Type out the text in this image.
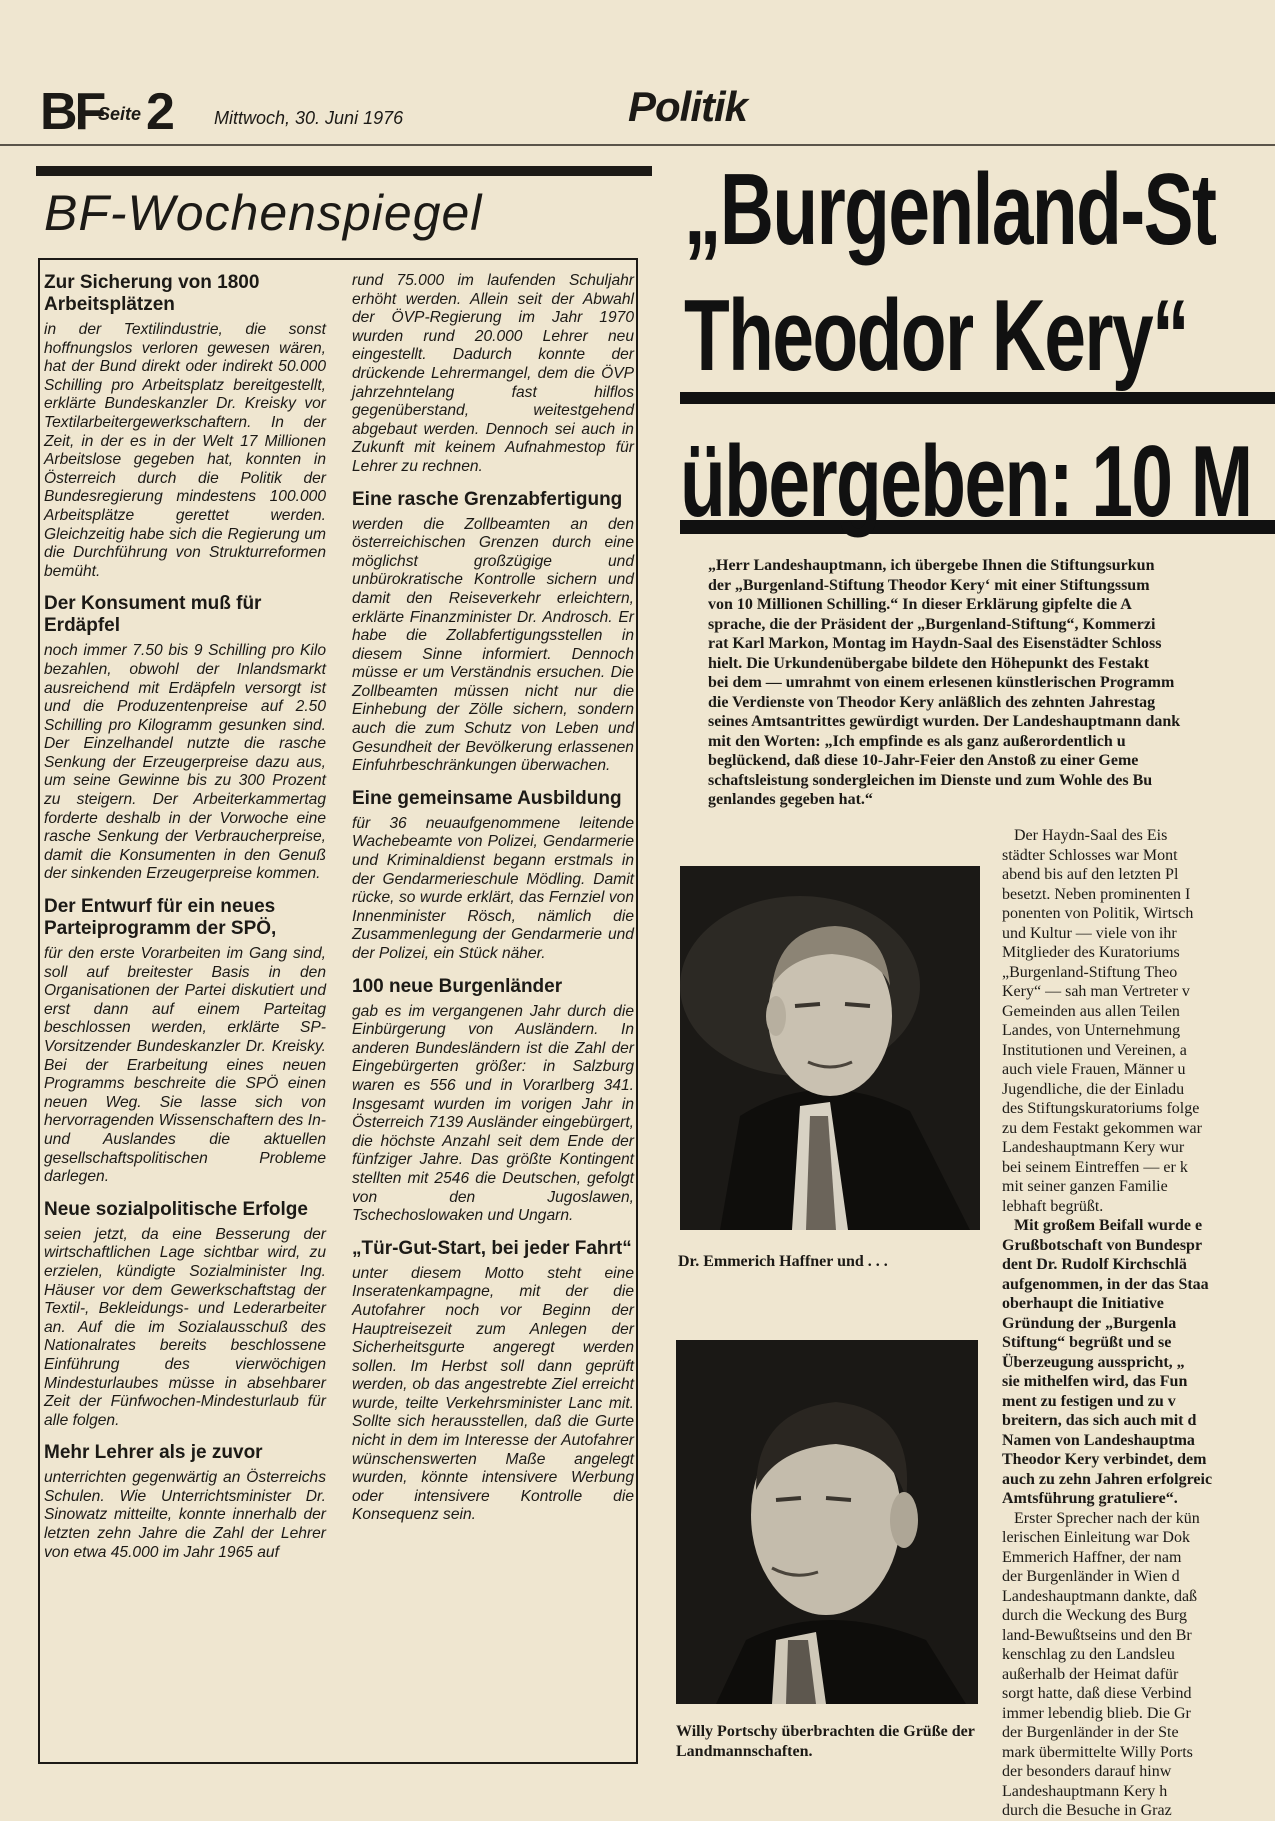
BF
Seite 2 Mittwoch, 30. Juni 1976	Politik
BF-Wochenspiegel
Zur Sicherung von 1800 Arbeitsplätzen

in der Textilindustrie, die sonst hoffnungslos verloren gewesen wären, hat der Bund direkt oder indirekt 50.000 Schilling pro Arbeitsplatz bereitgestellt, erklärte Bundeskanzler Dr. Kreisky vor Textilarbeitergewerkschaftern. In der Zeit, in der es in der Welt 17 Millionen Arbeitslose gegeben hat, konnten in Österreich durch die Politik der Bundesregierung mindestens 100.000 Arbeitsplätze gerettet werden. Gleichzeitig habe sich die Regierung um die Durchführung von Strukturreformen bemüht.

Der Konsument muß für Erdäpfel

noch immer 7.50 bis 9 Schilling pro Kilo bezahlen, obwohl der Inlandsmarkt ausreichend mit Erdäpfeln versorgt ist und die Produzentenpreise auf 2.50 Schilling pro Kilogramm gesunken sind. Der Einzelhandel nutzte die rasche Senkung der Erzeugerpreise dazu aus, um seine Gewinne bis zu 300 Prozent zu steigern. Der Arbeiterkammertag forderte deshalb in der Vorwoche eine rasche Senkung der Verbraucherpreise, damit die Konsumenten in den Genuß der sinkenden Erzeugerpreise kommen.

Der Entwurf für ein neues Parteiprogramm der SPÖ,

für den erste Vorarbeiten im Gang sind, soll auf breitester Basis in den Organisationen der Partei diskutiert und erst dann auf einem Parteitag beschlossen werden, erklärte SP-Vorsitzender Bundeskanzler Dr. Kreisky. Bei der Erarbeitung eines neuen Programms beschreite die SPÖ einen neuen Weg. Sie lasse sich von hervorragenden Wissenschaftern des In- und Auslandes die aktuellen gesellschaftspolitischen Probleme darlegen.

Neue sozialpolitische Erfolge

seien jetzt, da eine Besserung der wirtschaftlichen Lage sichtbar wird, zu erzielen, kündigte Sozialminister Ing. Häuser vor dem Gewerkschaftstag der Textil-, Bekleidungs- und Lederarbeiter an. Auf die im Sozialausschuß des Nationalrates bereits beschlossene Einführung des vierwöchigen Mindesturlaubes müsse in absehbarer Zeit der Fünfwochen-Mindesturlaub für alle folgen.

Mehr Lehrer als je zuvor

unterrichten gegenwärtig an Österreichs Schulen. Wie Unterrichtsminister Dr. Sinowatz mitteilte, konnte innerhalb der letzten zehn Jahre die Zahl der Lehrer von etwa 45.000 im Jahr 1965 auf

rund 75.000 im laufenden Schuljahr erhöht werden. Allein seit der Abwahl der ÖVP-Regierung im Jahr 1970 wurden rund 20.000 Lehrer neu eingestellt. Dadurch konnte der drückende Lehrermangel, dem die ÖVP jahrzehntelang fast hilflos gegenüberstand, weitestgehend abgebaut werden. Dennoch sei auch in Zukunft mit keinem Aufnahmestop für Lehrer zu rechnen.

Eine rasche Grenzabfertigung

werden die Zollbeamten an den österreichischen Grenzen durch eine möglichst großzügige und unbürokratische Kontrolle sichern und damit den Reiseverkehr erleichtern, erklärte Finanzminister Dr. Androsch. Er habe die Zollabfertigungsstellen in diesem Sinne informiert. Dennoch müsse er um Verständnis ersuchen. Die Zollbeamten müssen nicht nur die Einhebung der Zölle sichern, sondern auch die zum Schutz von Leben und Gesundheit der Bevölkerung erlassenen Einfuhrbeschränkungen überwachen.

Eine gemeinsame Ausbildung

für 36 neuaufgenommene leitende Wachebeamte von Polizei, Gendarmerie und Kriminaldienst begann erstmals in der Gendarmerieschule Mödling. Damit rücke, so wurde erklärt, das Fernziel von Innenminister Rösch, nämlich die Zusammenlegung der Gendarmerie und der Polizei, ein Stück näher.

100 neue Burgenländer

gab es im vergangenen Jahr durch die Einbürgerung von Ausländern. In anderen Bundesländern ist die Zahl der Eingebürgerten größer: in Salzburg waren es 556 und in Vorarlberg 341. Insgesamt wurden im vorigen Jahr in Österreich 7139 Ausländer eingebürgert, die höchste Anzahl seit dem Ende der fünfziger Jahre. Das größte Kontingent stellten mit 2546 die Deutschen, gefolgt von den Jugoslawen, Tschechoslowaken und Ungarn.

„Tür-Gut-Start, bei jeder Fahrt“

unter diesem Motto steht eine Inseratenkampagne, mit der die Autofahrer noch vor Beginn der Hauptreisezeit zum Anlegen der Sicherheitsgurte angeregt werden sollen. Im Herbst soll dann geprüft werden, ob das angestrebte Ziel erreicht wurde, teilte Verkehrsminister Lanc mit. Sollte sich herausstellen, daß die Gurte nicht in dem im Interesse der Autofahrer wünschenswerten Maße angelegt wurden, könnte intensivere Werbung oder intensivere Kontrolle die Konsequenz sein.

„Burgenland-St
Theodor Kery“
übergeben: 10 M
„Herr Landeshauptmann, ich übergebe Ihnen die Stiftungsurkun
der „Burgenland-Stiftung Theodor Kery‘ mit einer Stiftungssum
von 10 Millionen Schilling.“ In dieser Erklärung gipfelte die A
sprache, die der Präsident der „Burgenland-Stiftung“, Kommerzi
rat Karl Markon, Montag im Haydn-Saal des Eisenstädter Schloss
hielt. Die Urkundenübergabe bildete den Höhepunkt des Festakt
bei dem — umrahmt von einem erlesenen künstlerischen Programm
die Verdienste von Theodor Kery anläßlich des zehnten Jahrestag
seines Amtsantrittes gewürdigt wurden. Der Landeshauptmann dank
mit den Worten: „Ich empfinde es als ganz außerordentlich u
beglückend, daß diese 10-Jahr-Feier den Anstoß zu einer Geme
schaftsleistung sondergleichen im Dienste und zum Wohle des Bu
genlandes gegeben hat.“
Der Haydn-Saal des Eis
städter Schlosses war Mont
abend bis auf den letzten Pl
besetzt. Neben prominenten I
ponenten von Politik, Wirtsch
und Kultur — viele von ihr
Mitglieder des Kuratoriums
„Burgenland-Stiftung Theo
Kery“ — sah man Vertreter v
Gemeinden aus allen Teilen
Landes, von Unternehmung
Institutionen und Vereinen, a
auch viele Frauen, Männer u
Jugendliche, die der Einladu
des Stiftungskuratoriums folge
zu dem Festakt gekommen war
Landeshauptmann Kery wur
bei seinem Eintreffen — er k
mit seiner ganzen Familie
lebhaft begrüßt.
Mit großem Beifall wurde e
Grußbotschaft von Bundespr
dent Dr. Rudolf Kirchschlä
aufgenommen, in der das Staa
oberhaupt die Initiative
Gründung der „Burgenla
Stiftung“ begrüßt und se
Überzeugung ausspricht, „
sie mithelfen wird, das Fun
ment zu festigen und zu v
breitern, das sich auch mit d
Namen von Landeshauptma
Theodor Kery verbindet, dem
auch zu zehn Jahren erfolgreic
Amtsführung gratuliere“.
Erster Sprecher nach der kün
lerischen Einleitung war Dok
Emmerich Haffner, der nam
der Burgenländer in Wien d
Landeshauptmann dankte, daß
durch die Weckung des Burg
land-Bewußtseins und den Br
kenschlag zu den Landsleu
außerhalb der Heimat dafür
sorgt hatte, daß diese Verbind
immer lebendig blieb. Die Gr
der Burgenländer in der Ste
mark übermittelte Willy Ports
der besonders darauf hinw
Landeshauptmann Kery h
durch die Besuche in Graz
Dr. Emmerich Haffner und . . .
Willy Portschy überbrachten die Grüße der Landmannschaften.
